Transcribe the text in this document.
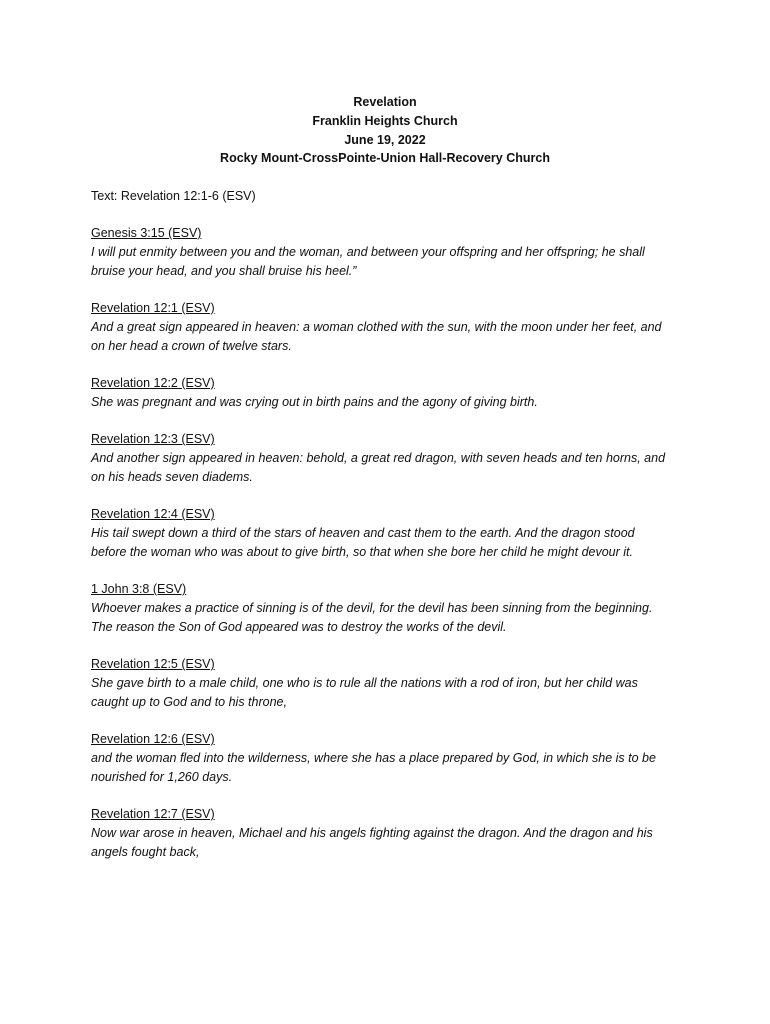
Revelation
Franklin Heights Church
June 19, 2022
Rocky Mount-CrossPointe-Union Hall-Recovery Church
Text: Revelation 12:1-6 (ESV)
Genesis 3:15 (ESV)
I will put enmity between you and the woman, and between your offspring and her offspring; he shall
bruise your head, and you shall bruise his heel.”
Revelation 12:1 (ESV)
And a great sign appeared in heaven: a woman clothed with the sun, with the moon under her feet, and
on her head a crown of twelve stars.
Revelation 12:2 (ESV)
She was pregnant and was crying out in birth pains and the agony of giving birth.
Revelation 12:3 (ESV)
And another sign appeared in heaven: behold, a great red dragon, with seven heads and ten horns, and
on his heads seven diadems.
Revelation 12:4 (ESV)
His tail swept down a third of the stars of heaven and cast them to the earth. And the dragon stood
before the woman who was about to give birth, so that when she bore her child he might devour it.
1 John 3:8 (ESV)
Whoever makes a practice of sinning is of the devil, for the devil has been sinning from the beginning.
The reason the Son of God appeared was to destroy the works of the devil.
Revelation 12:5 (ESV)
She gave birth to a male child, one who is to rule all the nations with a rod of iron, but her child was
caught up to God and to his throne,
Revelation 12:6 (ESV)
and the woman fled into the wilderness, where she has a place prepared by God, in which she is to be
nourished for 1,260 days.
Revelation 12:7 (ESV)
Now war arose in heaven, Michael and his angels fighting against the dragon. And the dragon and his
angels fought back,
